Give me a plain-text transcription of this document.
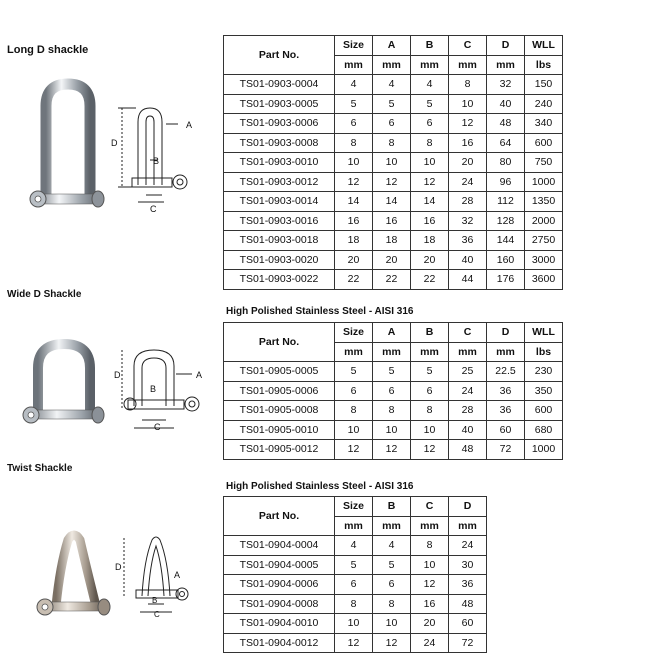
Long D shackle
Wide D Shackle
Twist Shackle
High Polished Stainless Steel - AISI 316
High Polished Stainless Steel - AISI 316
D
A
B
C
D	A
B
C
D
A
B
C
Part No.	Size	A	B	C	D	WLL
	mm	mm	mm	mm	mm	lbs
TS01-0903-0004	4	4	4	8	32	150
TS01-0903-0005	5	5	5	10	40	240
TS01-0903-0006	6	6	6	12	48	340
TS01-0903-0008	8	8	8	16	64	600
TS01-0903-0010	10	10	10	20	80	750
TS01-0903-0012	12	12	12	24	96	1000
TS01-0903-0014	14	14	14	28	112	1350
TS01-0903-0016	16	16	16	32	128	2000
TS01-0903-0018	18	18	18	36	144	2750
TS01-0903-0020	20	20	20	40	160	3000
TS01-0903-0022	22	22	22	44	176	3600
Part No.	Size	A	B	C	D	WLL
	mm	mm	mm	mm	mm	lbs
TS01-0905-0005	5	5	5	25	22.5	230
TS01-0905-0006	6	6	6	24	36	350
TS01-0905-0008	8	8	8	28	36	600
TS01-0905-0010	10	10	10	40	60	680
TS01-0905-0012	12	12	12	48	72	1000
Part No.	Size	B	C	D
	mm	mm	mm	mm
TS01-0904-0004	4	4	8	24
TS01-0904-0005	5	5	10	30
TS01-0904-0006	6	6	12	36
TS01-0904-0008	8	8	16	48
TS01-0904-0010	10	10	20	60
TS01-0904-0012	12	12	24	72
